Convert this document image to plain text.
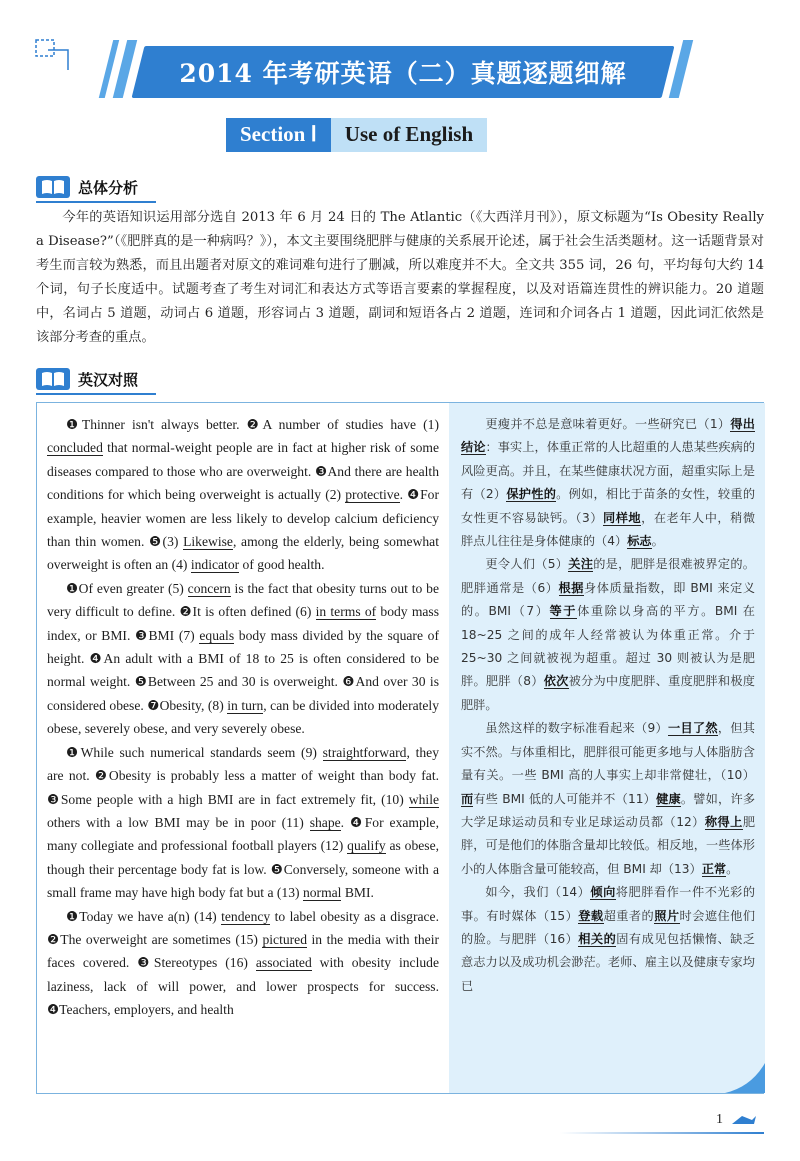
2014 年考研英语（二）真题逐题细解
Section Ⅰ	Use of English
总体分析

今年的英语知识运用部分选自 2013 年 6 月 24 日的 The Atlantic（《大西洋月刊》），原文标题为“Is Obesity Really a Disease?”（《肥胖真的是一种病吗？》），本文主要围绕肥胖与健康的关系展开论述，属于社会生活类题材。这一话题背景对考生而言较为熟悉，而且出题者对原文的难词难句进行了删减，所以难度并不大。全文共 355 词，26 句，平均每句大约 14 个词，句子长度适中。试题考查了考生对词汇和表达方式等语言要素的掌握程度，以及对语篇连贯性的辨识能力。20 道题中，名词占 5 道题，动词占 6 道题，形容词占 3 道题，副词和短语各占 2 道题，连词和介词各占 1 道题，因此词汇依然是该部分考查的重点。

英汉对照

❶Thinner isn't always better. ❷A number of studies have (1) concluded that normal-weight people are in fact at higher risk of some diseases compared to those who are overweight. ❸And there are health conditions for which being overweight is actually (2) protective. ❹For example, heavier women are less likely to develop calcium deficiency than thin women. ❺(3) Likewise, among the elderly, being somewhat overweight is often an (4) indicator of good health.

❶Of even greater (5) concern is the fact that obesity turns out to be very difficult to define. ❷It is often defined (6) in terms of body mass index, or BMI. ❸BMI (7) equals body mass divided by the square of height. ❹An adult with a BMI of 18 to 25 is often considered to be normal weight. ❺Between 25 and 30 is overweight. ❻And over 30 is considered obese. ❼Obesity, (8) in turn, can be divided into moderately obese, severely obese, and very severely obese.

❶While such numerical standards seem (9) straightforward, they are not. ❷Obesity is probably less a matter of weight than body fat. ❸Some people with a high BMI are in fact extremely fit, (10) while others with a low BMI may be in poor (11) shape. ❹For example, many collegiate and professional football players (12) qualify as obese, though their percentage body fat is low. ❺Conversely, someone with a small frame may have high body fat but a (13) normal BMI.

❶Today we have a(n) (14) tendency to label obesity as a disgrace. ❷The overweight are sometimes (15) pictured in the media with their faces covered. ❸Stereotypes (16) associated with obesity include laziness, lack of will power, and lower prospects for success. ❹Teachers, employers, and health

更瘦并不总是意味着更好。一些研究已（1）得出结论：事实上，体重正常的人比超重的人患某些疾病的风险更高。并且，在某些健康状况方面，超重实际上是有（2）保护性的。例如，相比于苗条的女性，较重的女性更不容易缺钙。（3）同样地，在老年人中，稍微胖点儿往往是身体健康的（4）标志。

更令人们（5）关注的是，肥胖是很难被界定的。肥胖通常是（6）根据身体质量指数，即 BMI 来定义的。BMI（7）等于体重除以身高的平方。BMI 在 18~25 之间的成年人经常被认为体重正常。介于 25~30 之间就被视为超重。超过 30 则被认为是肥胖。肥胖（8）依次被分为中度肥胖、重度肥胖和极度肥胖。

虽然这样的数字标准看起来（9）一目了然，但其实不然。与体重相比，肥胖很可能更多地与人体脂肪含量有关。一些 BMI 高的人事实上却非常健壮，（10）而有些 BMI 低的人可能并不（11）健康。譬如，许多大学足球运动员和专业足球运动员都（12）称得上肥胖，可是他们的体脂含量却比较低。相反地，一些体形小的人体脂含量可能较高，但 BMI 却（13）正常。

如今，我们（14）倾向将肥胖看作一件不光彩的事。有时媒体（15）登载超重者的照片时会遮住他们的脸。与肥胖（16）相关的固有成见包括懒惰、缺乏意志力以及成功机会渺茫。老师、雇主以及健康专家均已

1
